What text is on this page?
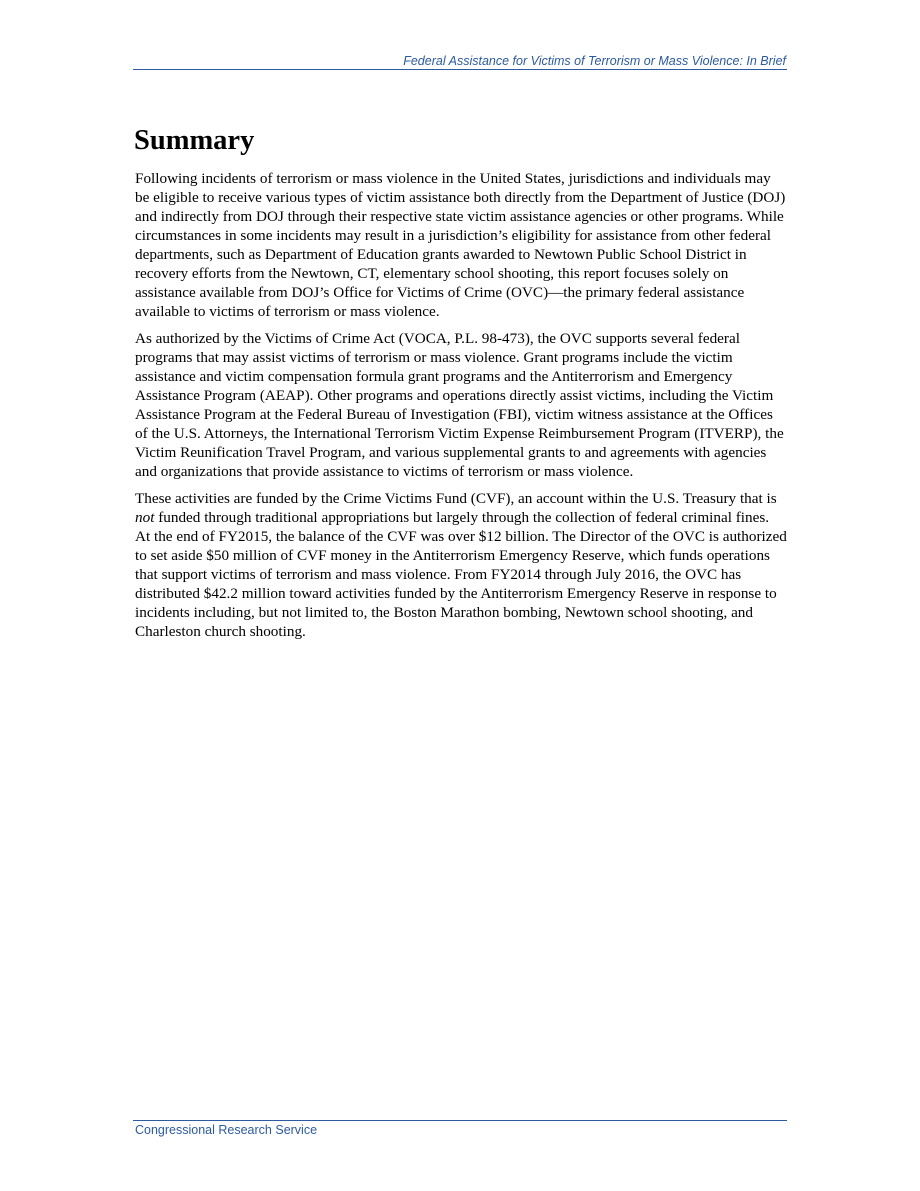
Federal Assistance for Victims of Terrorism or Mass Violence: In Brief
Summary

Following incidents of terrorism or mass violence in the United States, jurisdictions and individuals may be eligible to receive various types of victim assistance both directly from the Department of Justice (DOJ) and indirectly from DOJ through their respective state victim assistance agencies or other programs. While circumstances in some incidents may result in a jurisdiction’s eligibility for assistance from other federal departments, such as Department of Education grants awarded to Newtown Public School District in recovery efforts from the Newtown, CT, elementary school shooting, this report focuses solely on assistance available from DOJ’s Office for Victims of Crime (OVC)—the primary federal assistance available to victims of terrorism or mass violence.

As authorized by the Victims of Crime Act (VOCA, P.L. 98-473), the OVC supports several federal programs that may assist victims of terrorism or mass violence. Grant programs include the victim assistance and victim compensation formula grant programs and the Antiterrorism and Emergency Assistance Program (AEAP). Other programs and operations directly assist victims, including the Victim Assistance Program at the Federal Bureau of Investigation (FBI), victim witness assistance at the Offices of the U.S. Attorneys, the International Terrorism Victim Expense Reimbursement Program (ITVERP), the Victim Reunification Travel Program, and various supplemental grants to and agreements with agencies and organizations that provide assistance to victims of terrorism or mass violence.

These activities are funded by the Crime Victims Fund (CVF), an account within the U.S. Treasury that is not funded through traditional appropriations but largely through the collection of federal criminal fines. At the end of FY2015, the balance of the CVF was over $12 billion. The Director of the OVC is authorized to set aside $50 million of CVF money in the Antiterrorism Emergency Reserve, which funds operations that support victims of terrorism and mass violence. From FY2014 through July 2016, the OVC has distributed $42.2 million toward activities funded by the Antiterrorism Emergency Reserve in response to incidents including, but not limited to, the Boston Marathon bombing, Newtown school shooting, and Charleston church shooting.

Congressional Research Service
